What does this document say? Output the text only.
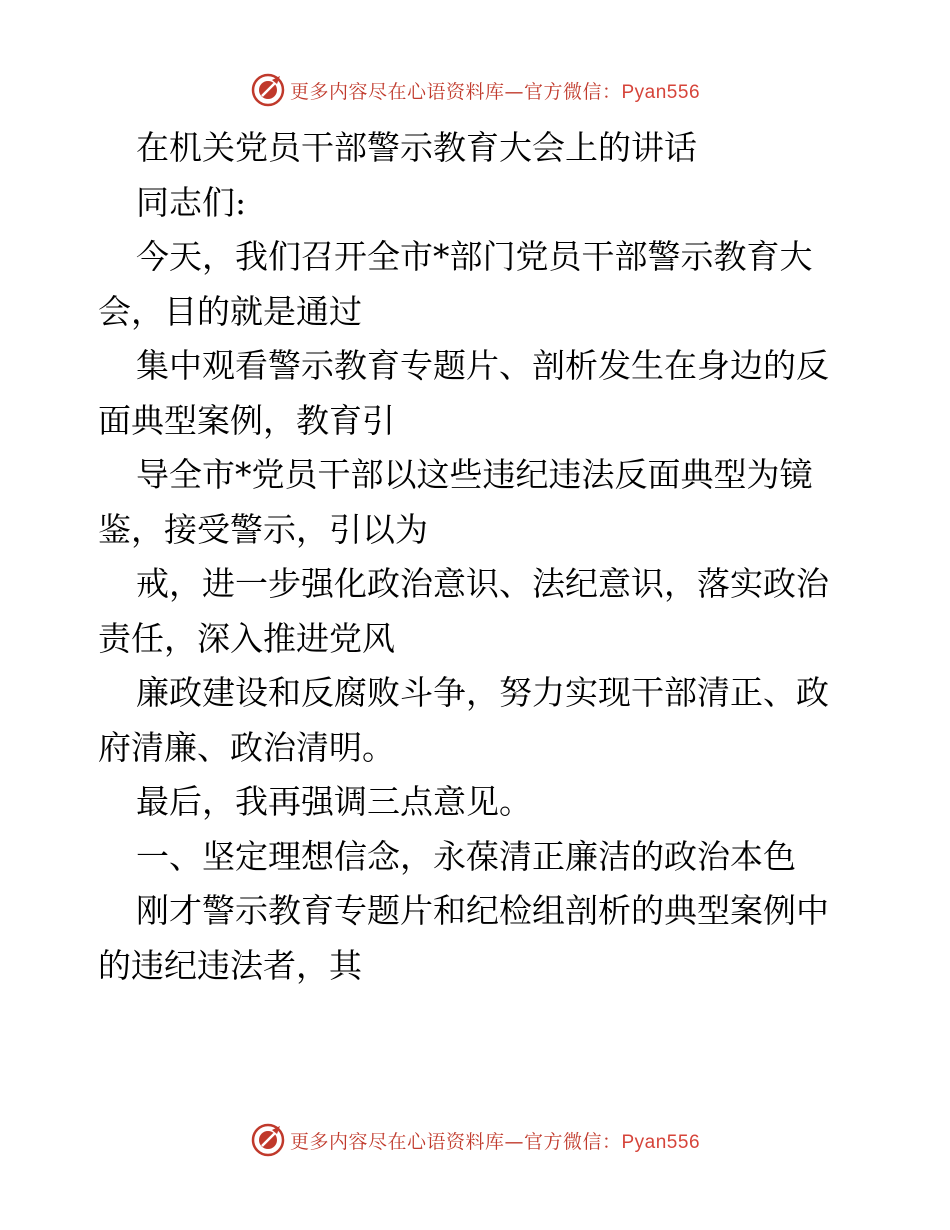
更多内容尽在心语资料库—官方微信：Pyan556
在机关党员干部警示教育大会上的讲话
同志们:
今天，我们召开全市*部门党员干部警示教育大
会，目的就是通过
集中观看警示教育专题片、剖析发生在身边的反
面典型案例，教育引
导全市*党员干部以这些违纪违法反面典型为镜
鉴，接受警示，引以为
戒，进一步强化政治意识、法纪意识，落实政治
责任，深入推进党风
廉政建设和反腐败斗争，努力实现干部清正、政
府清廉、政治清明。
最后，我再强调三点意见。
一、坚定理想信念，永葆清正廉洁的政治本色
刚才警示教育专题片和纪检组剖析的典型案例中
的违纪违法者，其
更多内容尽在心语资料库—官方微信：Pyan556
